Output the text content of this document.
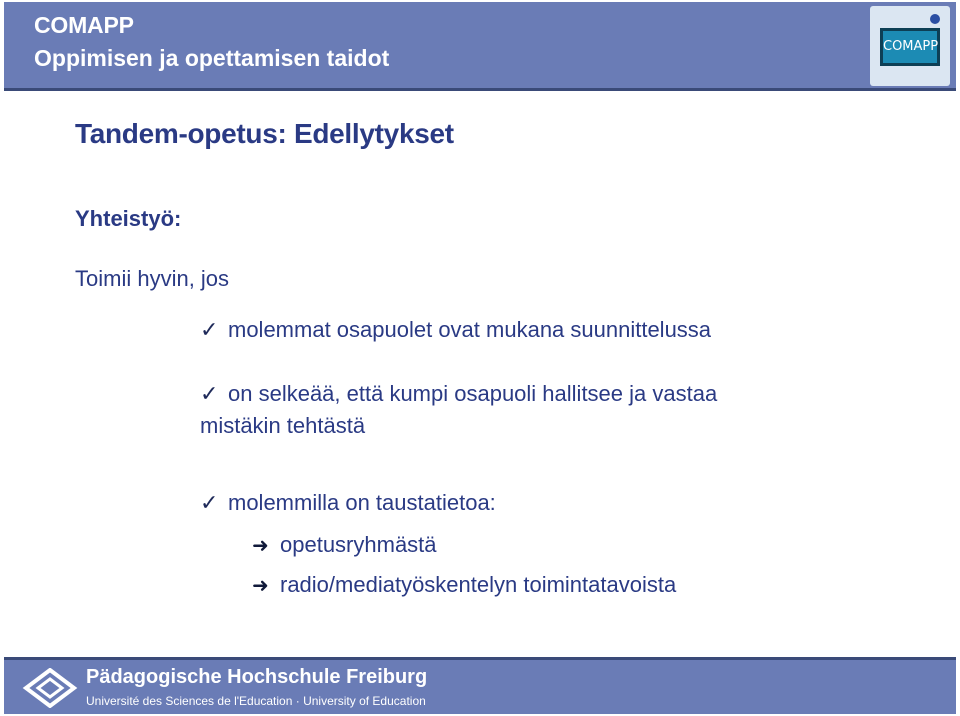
COMAPP
Oppimisen ja opettamisen taidot	COMAPP
Tandem-opetus: Edellytykset
Yhteistyö:
Toimii hyvin, jos
✓ molemmat osapuolet ovat mukana suunnittelussa
✓ on selkeää, että kumpi osapuoli hallitsee ja vastaa
mistäkin tehtästä
✓ molemmilla on taustatietoa:
➜ opetusryhmästä
➜ radio/mediatyöskentelyn toimintatavoista
Pädagogische Hochschule Freiburg
Université des Sciences de l'Education · University of Education
